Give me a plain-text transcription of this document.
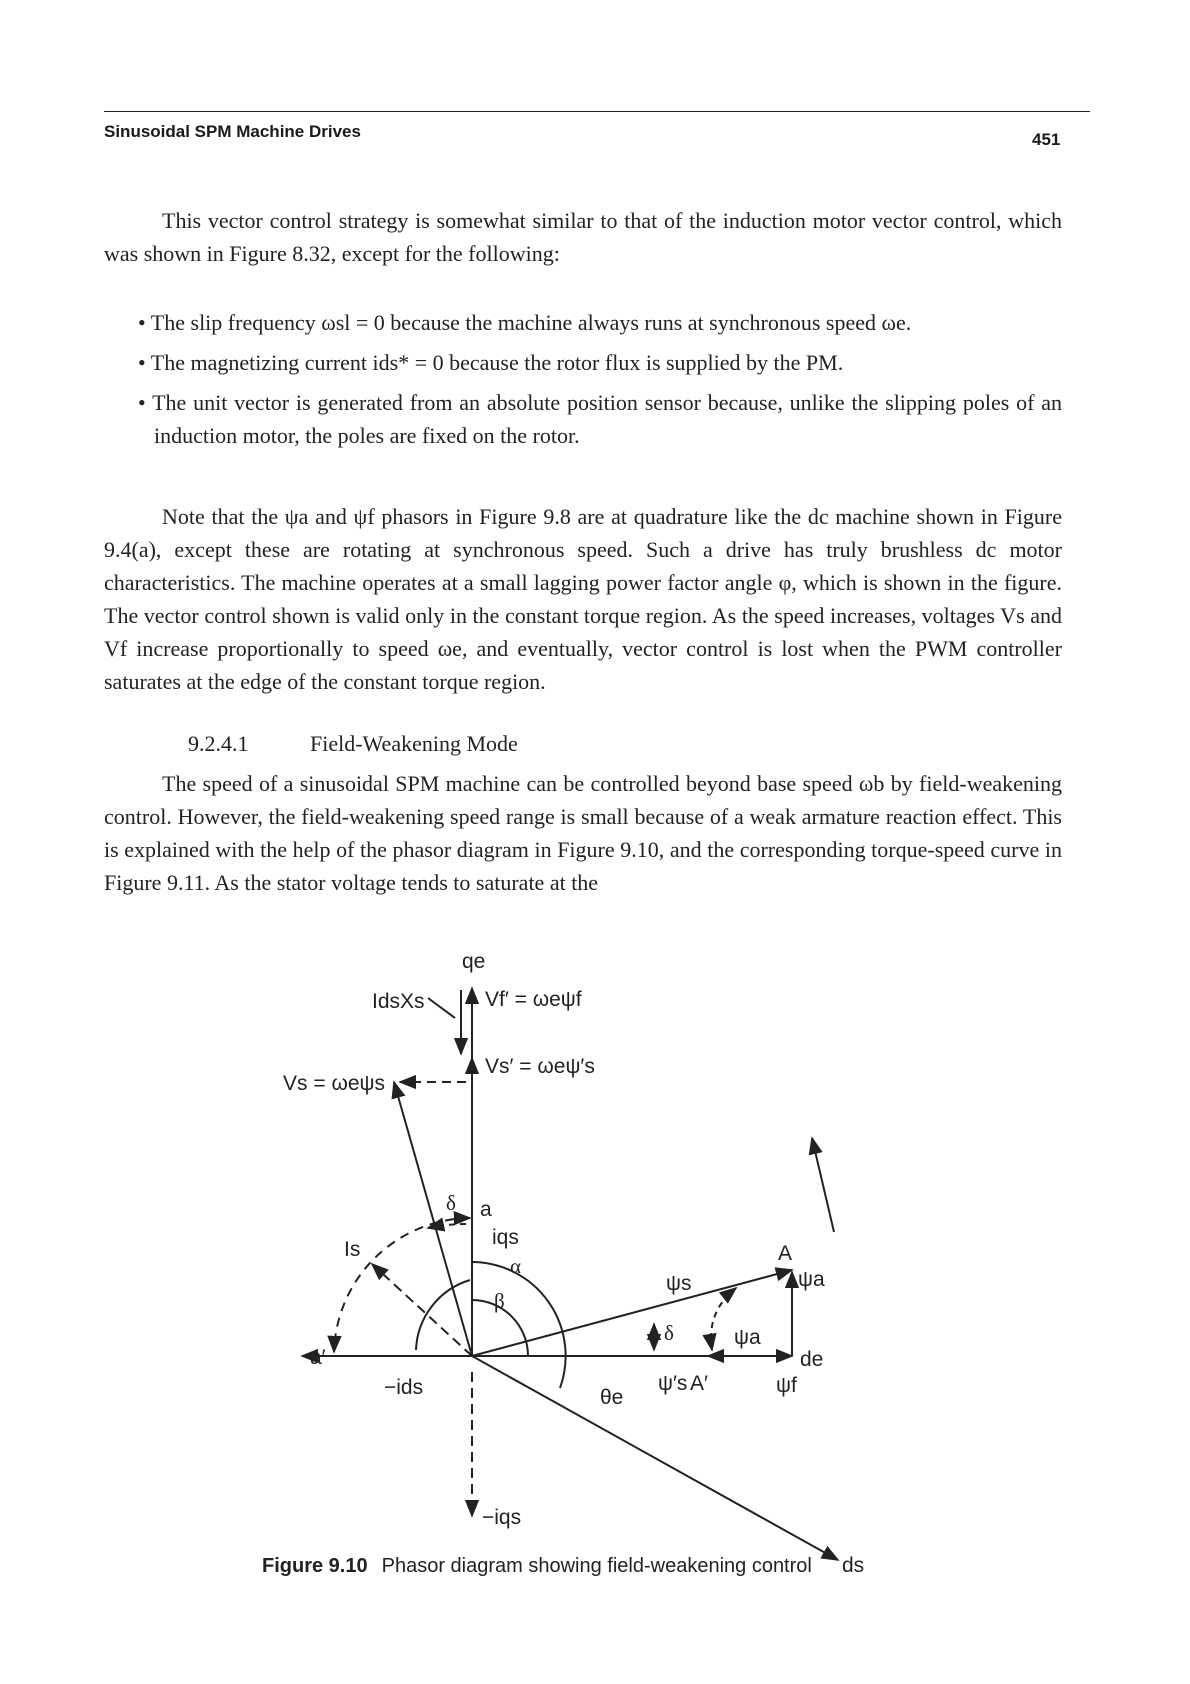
Sinusoidal SPM Machine Drives	451

This vector control strategy is somewhat similar to that of the induction motor vector control, which was shown in Figure 8.32, except for the following:

• The slip frequency ωsl = 0 because the machine always runs at synchronous speed ωe.

• The magnetizing current ids* = 0 because the rotor flux is supplied by the PM.

• The unit vector is generated from an absolute position sensor because, unlike the slipping poles of an induction motor, the poles are fixed on the rotor.

Note that the ψa and ψf phasors in Figure 9.8 are at quadrature like the dc machine shown in Figure 9.4(a), except these are rotating at synchronous speed. Such a drive has truly brushless dc motor characteristics. The machine operates at a small lagging power factor angle φ, which is shown in the figure. The vector control shown is valid only in the constant torque region. As the speed increases, voltages Vs and Vf increase proportionally to speed ωe, and eventually, vector control is lost when the PWM controller saturates at the edge of the constant torque region.

9.2.4.1	Field-Weakening Mode

The speed of a sinusoidal SPM machine can be controlled beyond base speed ωb by field-weakening control. However, the field-weakening speed range is small because of a weak armature reaction effect. This is explained with the help of the phasor diagram in Figure 9.10, and the corresponding torque-speed curve in Figure 9.11. As the stator voltage tends to saturate at the

qe
IdsXs	Vf′ = ωeψf
Vs′ = ωeψ′s
Vs = ωeψs
δ a
iqs
α
Is
β
ψs
A
ψa
δ	ψa
de
a′
−ids	θe
ψ′s A′	ψf
−iqs
ds
Figure 9.10 Phasor diagram showing field-weakening control
